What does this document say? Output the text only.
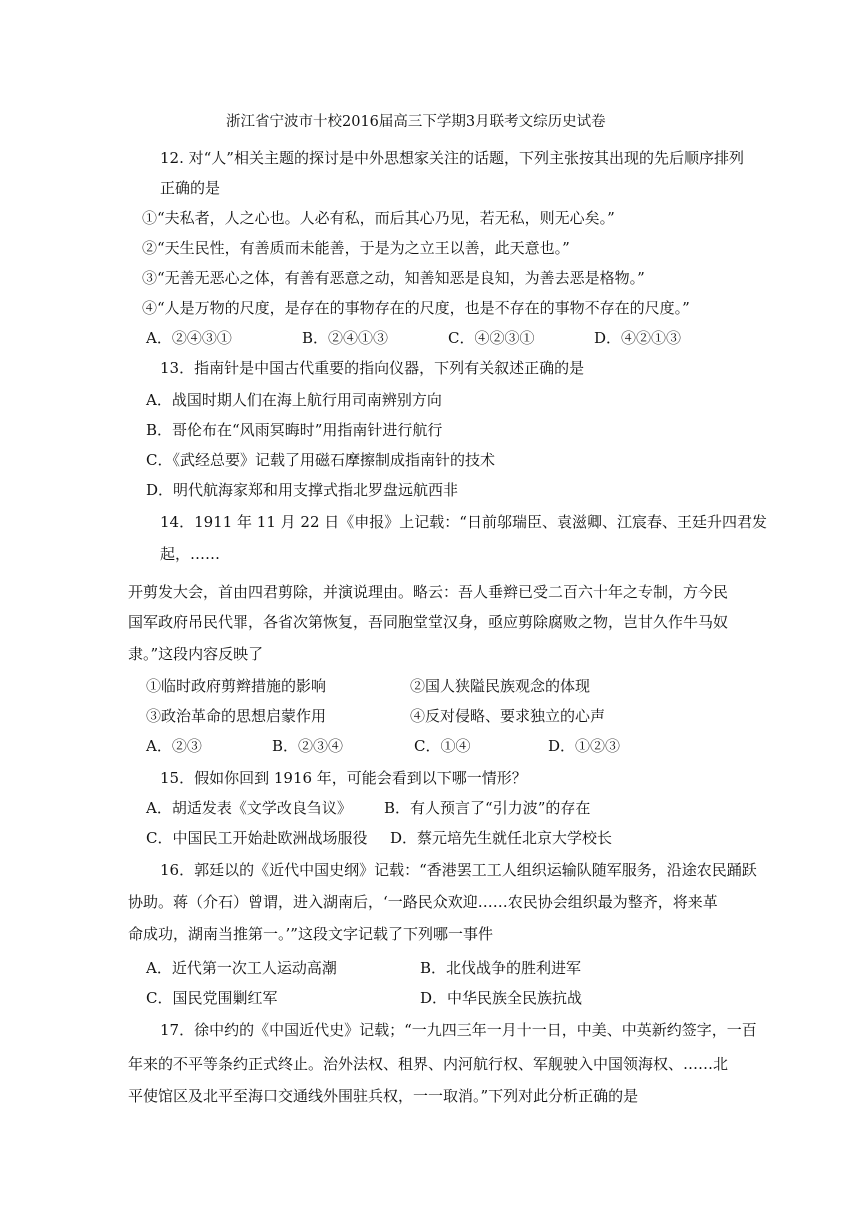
浙江省宁波市十校2016届高三下学期3月联考文综历史试卷
12. 对“人”相关主题的探讨是中外思想家关注的话题，下列主张按其出现的先后顺序排列
正确的是
①“夫私者，人之心也。人必有私，而后其心乃见，若无私，则无心矣。”
②“天生民性，有善质而未能善，于是为之立王以善，此天意也。”
③“无善无恶心之体，有善有恶意之动，知善知恶是良知，为善去恶是格物。”
④“人是万物的尺度，是存在的事物存在的尺度，也是不存在的事物不存在的尺度。”
A．②④③①	B．②④①③	C．④②③①	D．④②①③
13．指南针是中国古代重要的指向仪器，下列有关叙述正确的是
A．战国时期人们在海上航行用司南辨别方向
B．哥伦布在“风雨冥晦时”用指南针进行航行
C．《武经总要》记载了用磁石摩擦制成指南针的技术
D．明代航海家郑和用支撑式指北罗盘远航西非
14．1911 年 11 月 22 日《申报》上记载：“日前邬瑞臣、袁滋卿、江宸春、王廷升四君发
起，……
开剪发大会，首由四君剪除，并演说理由。略云：吾人垂辫已受二百六十年之专制，方今民
国军政府吊民代罪，各省次第恢复，吾同胞堂堂汉身，亟应剪除腐败之物，岂甘久作牛马奴
隶。”这段内容反映了
①临时政府剪辫措施的影响	②国人狭隘民族观念的体现
③政治革命的思想启蒙作用	④反对侵略、要求独立的心声
A．②③	B．②③④	C．①④	D．①②③
15．假如你回到 1916 年，可能会看到以下哪一情形？
A．胡适发表《文学改良刍议》 B．有人预言了“引力波”的存在
C．中国民工开始赴欧洲战场服役 D．蔡元培先生就任北京大学校长
16．郭廷以的《近代中国史纲》记载：“香港罢工工人组织运输队随军服务，沿途农民踊跃
协助。蒋（介石）曾谓，进入湖南后，‘一路民众欢迎……农民协会组织最为整齐，将来革
命成功，湖南当推第一。’”这段文字记载了下列哪一事件
A．近代第一次工人运动高潮	B．北伐战争的胜利进军
C．国民党围剿红军	D．中华民族全民族抗战
17．徐中约的《中国近代史》记载；“一九四三年一月十一日，中美、中英新约签字，一百
年来的不平等条约正式终止。治外法权、租界、内河航行权、军舰驶入中国领海权、……北
平使馆区及北平至海口交通线外围驻兵权，一一取消。”下列对此分析正确的是
